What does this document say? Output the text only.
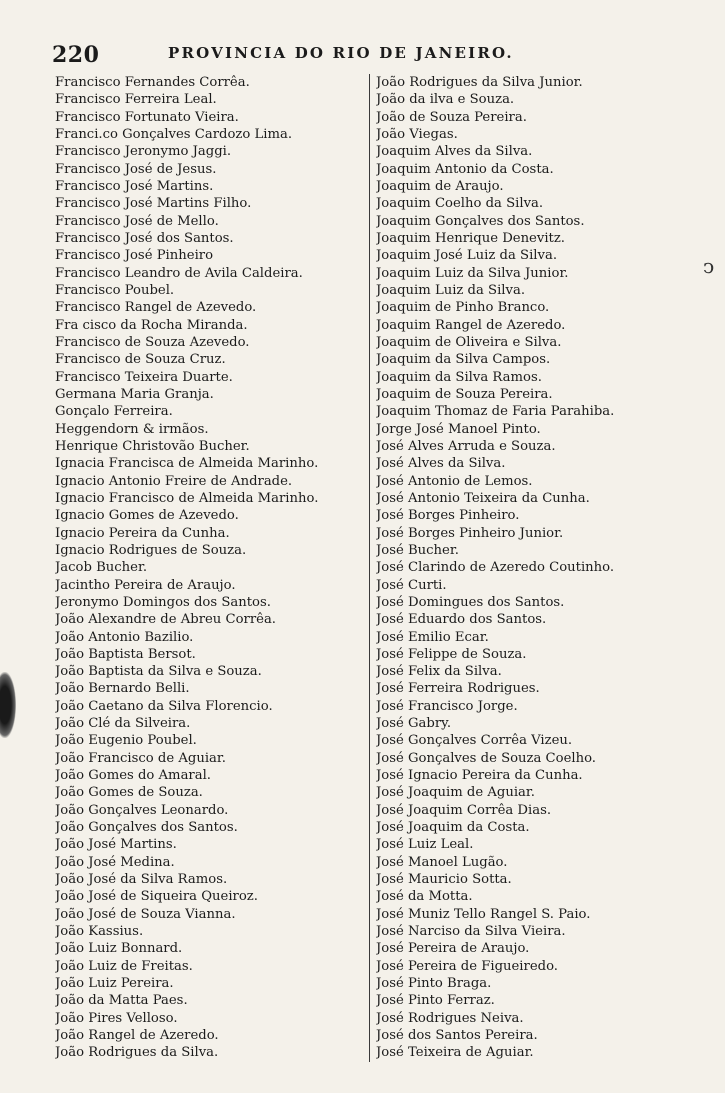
220	PROVINCIA DO RIO DE JANEIRO.
Francisco Fernandes Corrêa.
Francisco Ferreira Leal.
Francisco Fortunato Vieira.
Franci.co Gonçalves Cardozo Lima.
Francisco Jeronymo Jaggi.
Francisco José de Jesus.
Francisco José Martins.
Francisco José Martins Filho.
Francisco José de Mello.
Francisco José dos Santos.
Francisco José Pinheiro
Francisco Leandro de Avila Caldeira.
Francisco Poubel.
Francisco Rangel de Azevedo.
Fra cisco da Rocha Miranda.
Francisco de Souza Azevedo.
Francisco de Souza Cruz.
Francisco Teixeira Duarte.
Germana Maria Granja.
Gonçalo Ferreira.
Heggendorn & irmãos.
Henrique Christovão Bucher.
Ignacia Francisca de Almeida Marinho.
Ignacio Antonio Freire de Andrade.
Ignacio Francisco de Almeida Marinho.
Ignacio Gomes de Azevedo.
Ignacio Pereira da Cunha.
Ignacio Rodrigues de Souza.
Jacob Bucher.
Jacintho Pereira de Araujo.
Jeronymo Domingos dos Santos.
João Alexandre de Abreu Corrêa.
João Antonio Bazilio.
João Baptista Bersot.
João Baptista da Silva e Souza.
João Bernardo Belli.
João Caetano da Silva Florencio.
João Clé da Silveira.
João Eugenio Poubel.
João Francisco de Aguiar.
João Gomes do Amaral.
João Gomes de Souza.
João Gonçalves Leonardo.
João Gonçalves dos Santos.
João José Martins.
João José Medina.
João José da Silva Ramos.
João José de Siqueira Queiroz.
João José de Souza Vianna.
João Kassius.
João Luiz Bonnard.
João Luiz de Freitas.
João Luiz Pereira.
João da Matta Paes.
João Pires Velloso.
João Rangel de Azeredo.
João Rodrigues da Silva.
João Rodrigues da Silva Junior.
João da ilva e Souza.
João de Souza Pereira.
João Viegas.
Joaquim Alves da Silva.
Joaquim Antonio da Costa.
Joaquim de Araujo.
Joaquim Coelho da Silva.
Joaquim Gonçalves dos Santos.
Joaquim Henrique Denevitz.
Joaquim José Luiz da Silva.
Joaquim Luiz da Silva Junior.
Joaquim Luiz da Silva.
Joaquim de Pinho Branco.
Joaquim Rangel de Azeredo.
Joaquim de Oliveira e Silva.
Joaquim da Silva Campos.
Joaquim da Silva Ramos.
Joaquim de Souza Pereira.
Joaquim Thomaz de Faria Parahiba.
Jorge José Manoel Pinto.
José Alves Arruda e Souza.
José Alves da Silva.
José Antonio de Lemos.
José Antonio Teixeira da Cunha.
José Borges Pinheiro.
José Borges Pinheiro Junior.
José Bucher.
José Clarindo de Azeredo Coutinho.
José Curti.
José Domingues dos Santos.
José Eduardo dos Santos.
José Emilio Ecar.
José Felippe de Souza.
José Felix da Silva.
José Ferreira Rodrigues.
José Francisco Jorge.
José Gabry.
José Gonçalves Corrêa Vizeu.
José Gonçalves de Souza Coelho.
José Ignacio Pereira da Cunha.
José Joaquim de Aguiar.
José Joaquim Corrêa Dias.
José Joaquim da Costa.
José Luiz Leal.
José Manoel Lugão.
José Mauricio Sotta.
José da Motta.
José Muniz Tello Rangel S. Paio.
José Narciso da Silva Vieira.
José Pereira de Araujo.
José Pereira de Figueiredo.
José Pinto Braga.
José Pinto Ferraz.
José Rodrigues Neiva.
José dos Santos Pereira.
José Teixeira de Aguiar.
ↄ
